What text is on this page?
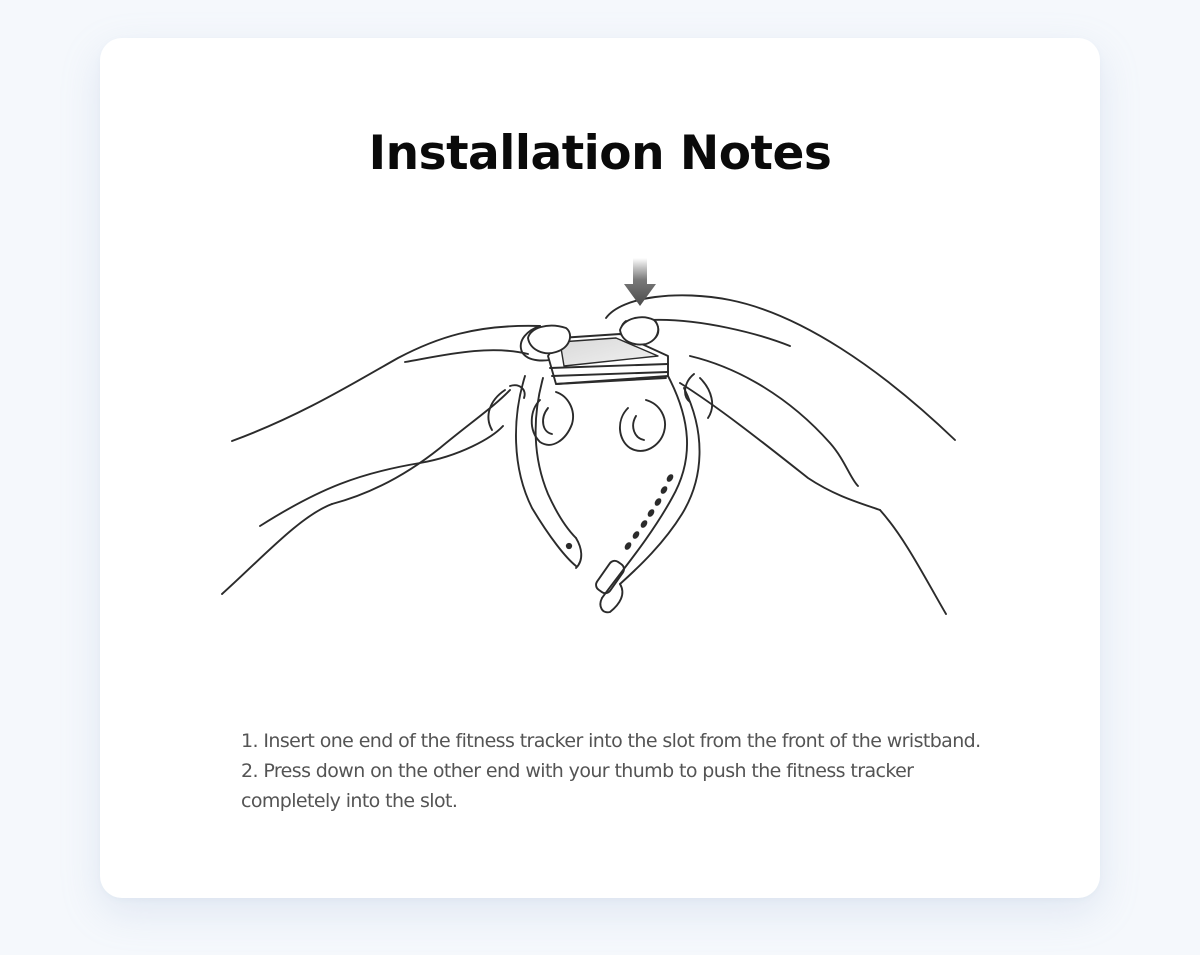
Installation Notes
1. Insert one end of the fitness tracker into the slot from the front of the wristband.
2. Press down on the other end with your thumb to push the fitness tracker completely into the slot.
